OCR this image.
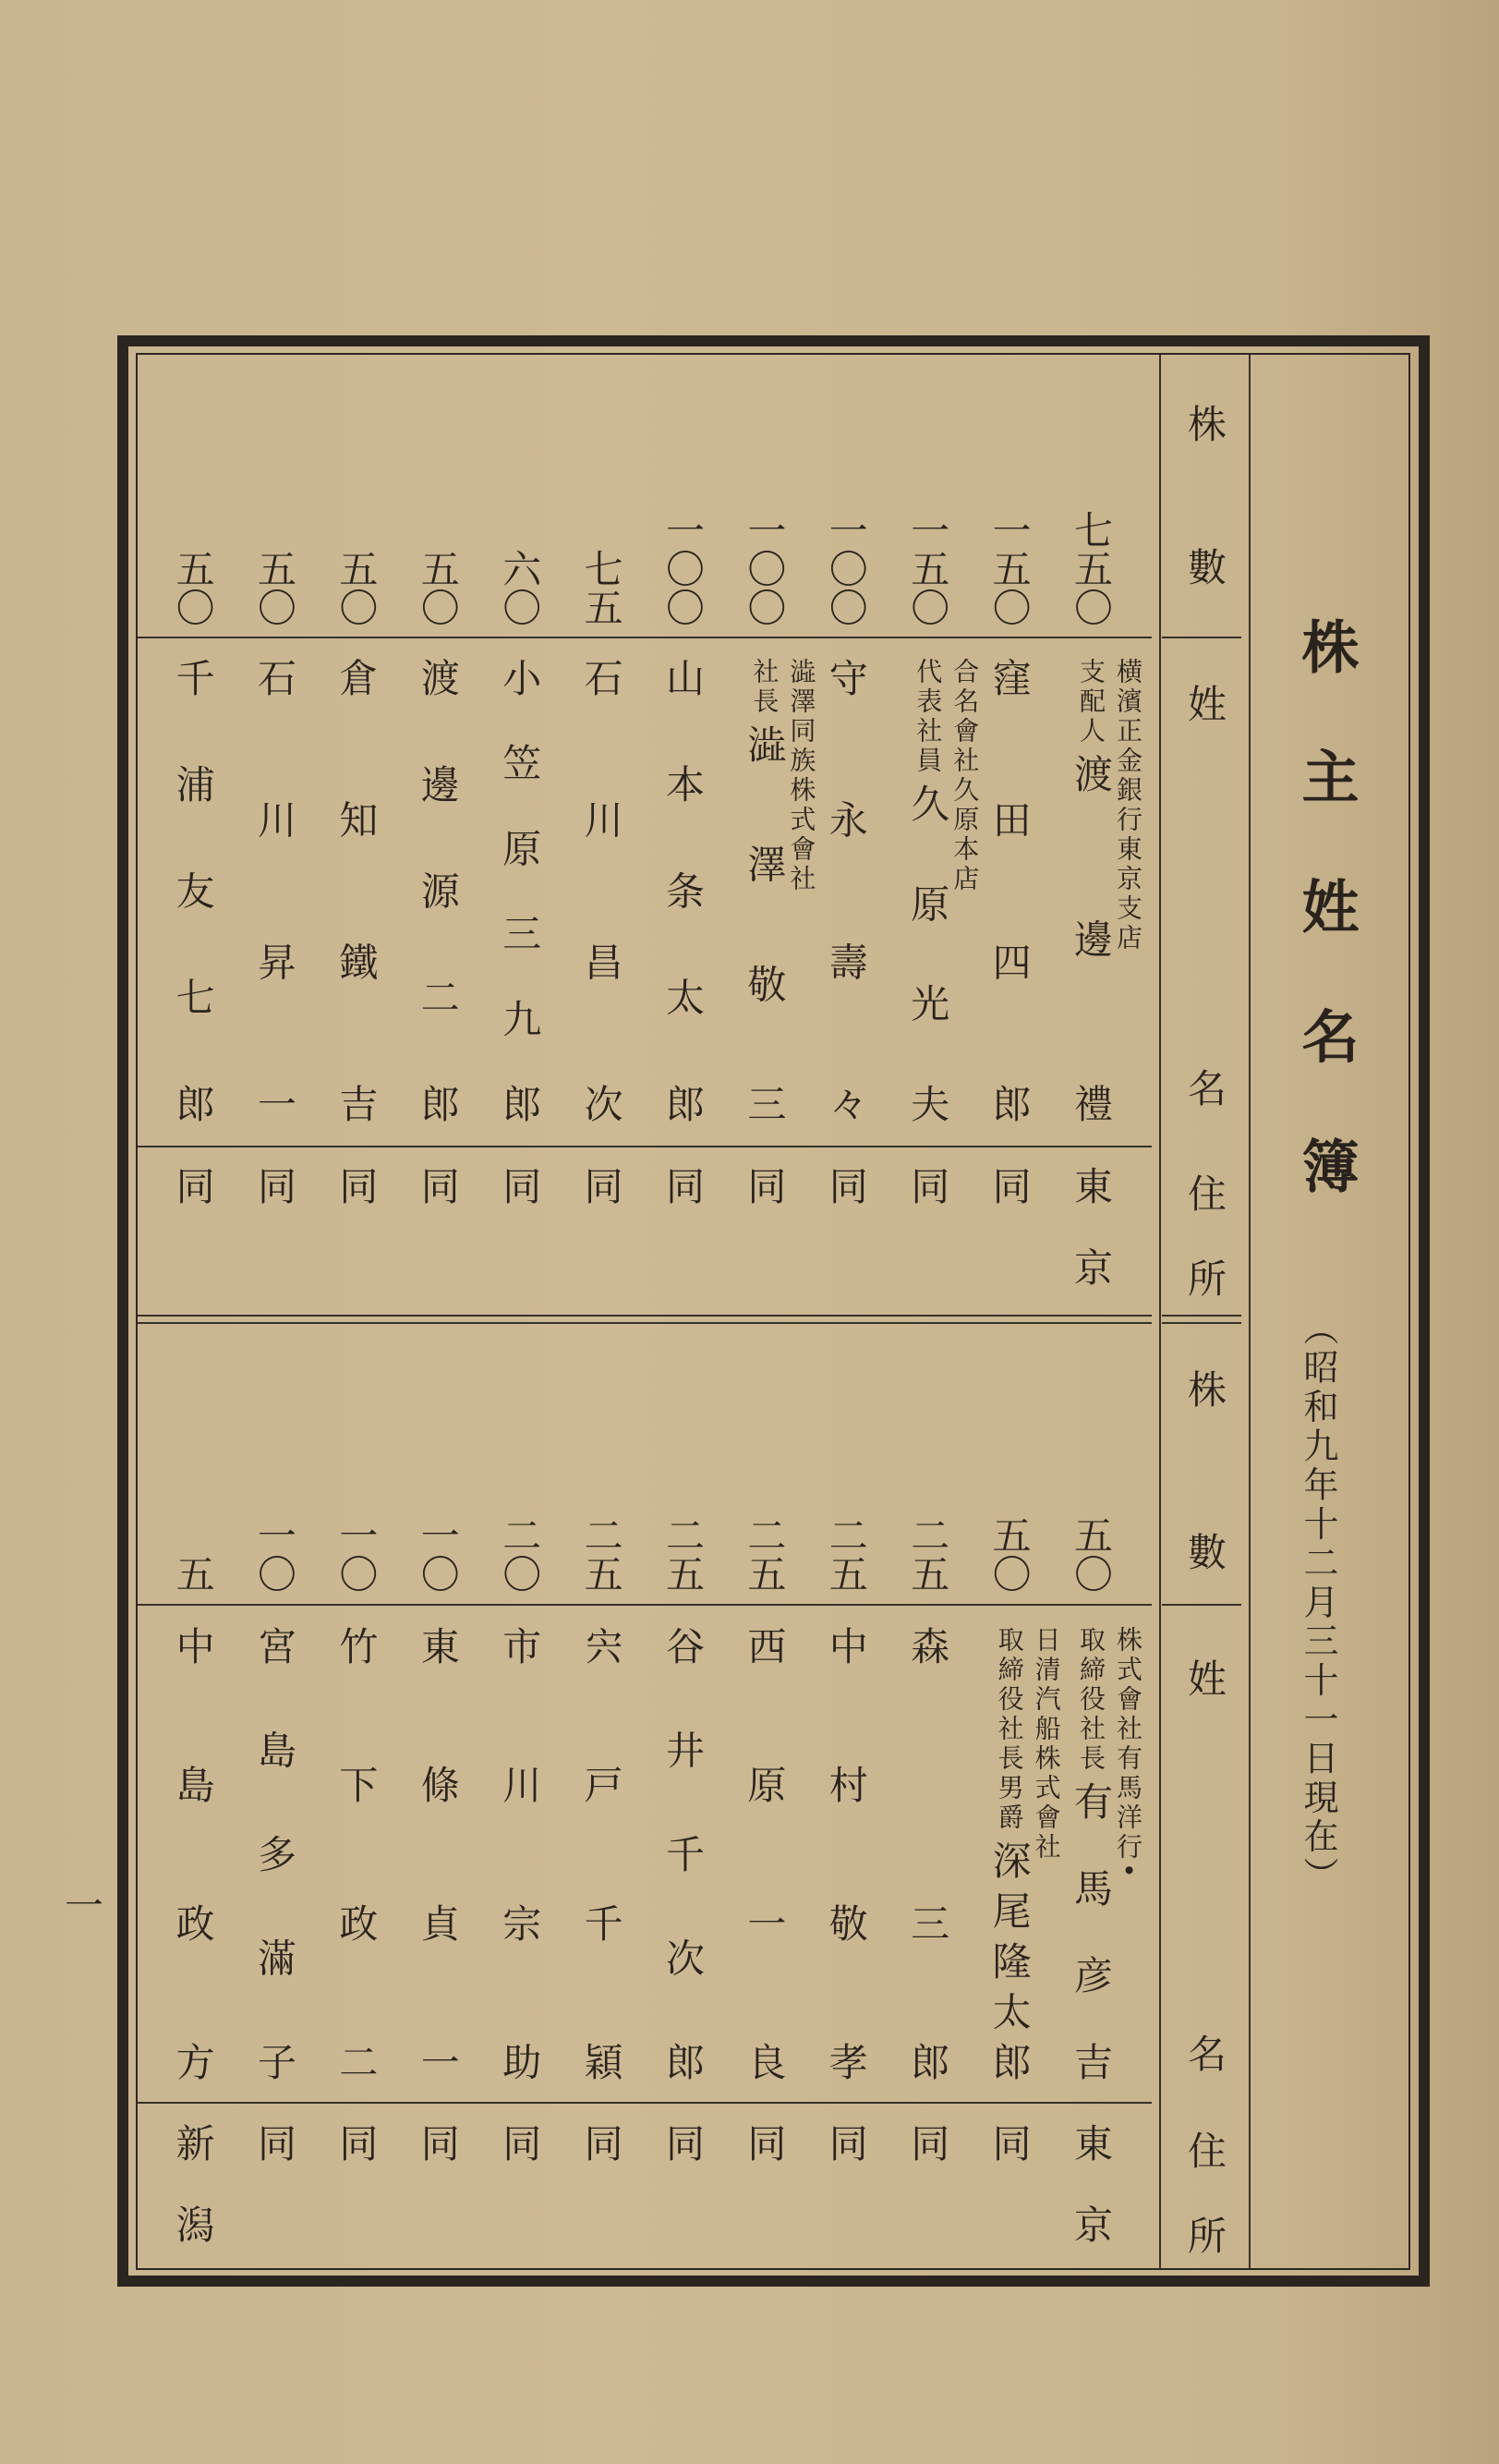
株數
姓名
住所
株數
姓名
住所
株主姓名簿
（昭和九年十二月三十一日現在）
一
七五〇
横濱正金銀行東京支店
支配人
渡邊禮
東京
一五〇
窪田四郎
同
一五〇
合名會社久原本店
代表社員
久原光夫
同
一〇〇
守永壽々
同
一〇〇
澁澤同族株式會社
社長
澁澤敬三
同
一〇〇
山本条太郎
同
七五
石川昌次
同
六〇
小笠原三九郎
同
五〇
渡邊源二郎
同
五〇
倉知鐵吉
同
五〇
石川昇一
同
五〇
千浦友七郎
同
五〇
株式會社有馬洋行•
取締役社長
有馬彦吉
東京
五〇
日清汽船株式會社
取締役社長男爵
深尾隆太郎
同
二五
森　三郎
同
二五
中村敬孝
同
二五
西原一良
同
二五
谷井千次郎
同
二五
宍戸千穎
同
二〇
市川宗助
同
一〇
東條貞一
同
一〇
竹下政二
同
一〇
宮島多滿子
同
五
中島政方
新潟
